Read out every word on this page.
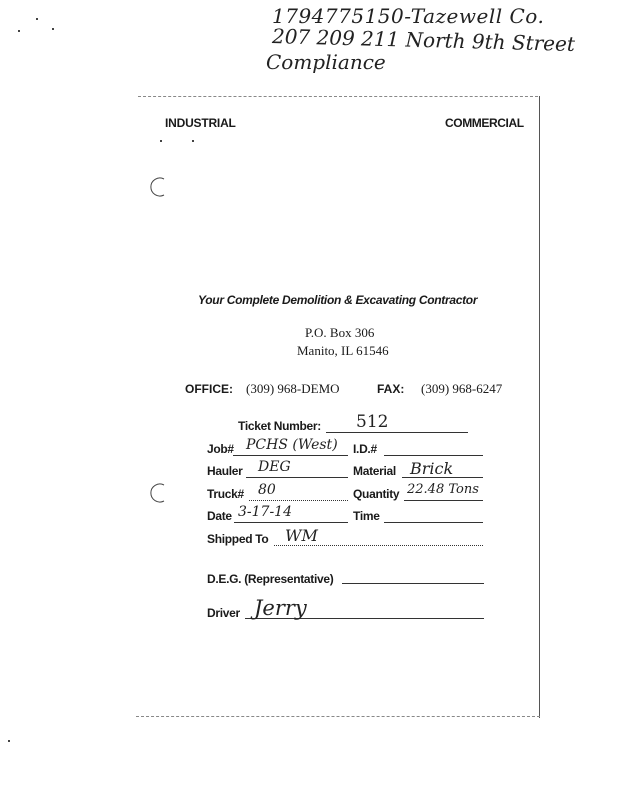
1794775150-Tazewell Co.
207 209 211 North 9th Street
Compliance
INDUSTRIAL	COMMERCIAL
Your Complete Demolition & Excavating Contractor
P.O. Box 306
Manito, IL 61546
OFFICE: (309) 968-DEMO	FAX: (309) 968-6247
Ticket Number: 512
Job# PCHS (West) I.D.#
Hauler DEG	Material Brick
Truck# 80	Quantity 22.48 Tons
Date 3-17-14	Time
Shipped To WM
D.E.G. (Representative)
Driver Jerry
